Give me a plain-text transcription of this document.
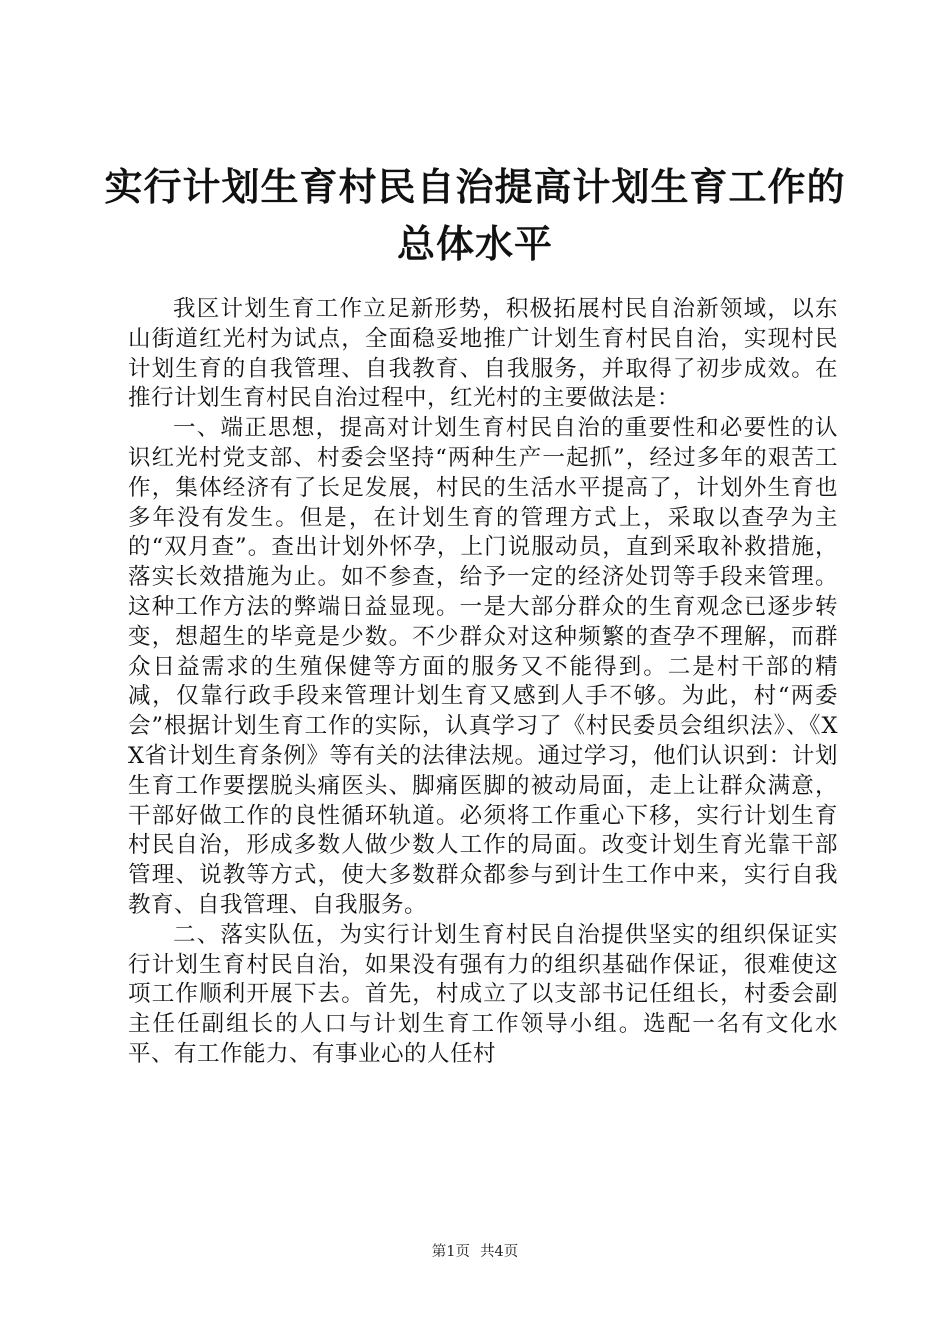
实行计划生育村民自治提高计划生育工作的总体水平

我区计划生育工作立足新形势，积极拓展村民自治新领域，以东山街道红光村为试点，全面稳妥地推广计划生育村民自治，实现村民计划生育的自我管理、自我教育、自我服务，并取得了初步成效。在推行计划生育村民自治过程中，红光村的主要做法是：

一、端正思想，提高对计划生育村民自治的重要性和必要性的认识红光村党支部、村委会坚持“两种生产一起抓”，经过多年的艰苦工作，集体经济有了长足发展，村民的生活水平提高了，计划外生育也多年没有发生。但是，在计划生育的管理方式上，采取以查孕为主的“双月查”。查出计划外怀孕，上门说服动员，直到采取补救措施，落实长效措施为止。如不参查，给予一定的经济处罚等手段来管理。这种工作方法的弊端日益显现。一是大部分群众的生育观念已逐步转变，想超生的毕竟是少数。不少群众对这种频繁的查孕不理解，而群众日益需求的生殖保健等方面的服务又不能得到。二是村干部的精减，仅靠行政手段来管理计划生育又感到人手不够。为此，村“两委会”根据计划生育工作的实际，认真学习了《村民委员会组织法》、《XX省计划生育条例》等有关的法律法规。通过学习，他们认识到：计划生育工作要摆脱头痛医头、脚痛医脚的被动局面，走上让群众满意，干部好做工作的良性循环轨道。必须将工作重心下移，实行计划生育村民自治，形成多数人做少数人工作的局面。改变计划生育光靠干部管理、说教等方式，使大多数群众都参与到计生工作中来，实行自我教育、自我管理、自我服务。

二、落实队伍，为实行计划生育村民自治提供坚实的组织保证实行计划生育村民自治，如果没有强有力的组织基础作保证，很难使这项工作顺利开展下去。首先，村成立了以支部书记任组长，村委会副主任任副组长的人口与计划生育工作领导小组。选配一名有文化水平、有工作能力、有事业心的人任村

第1页 共4页
